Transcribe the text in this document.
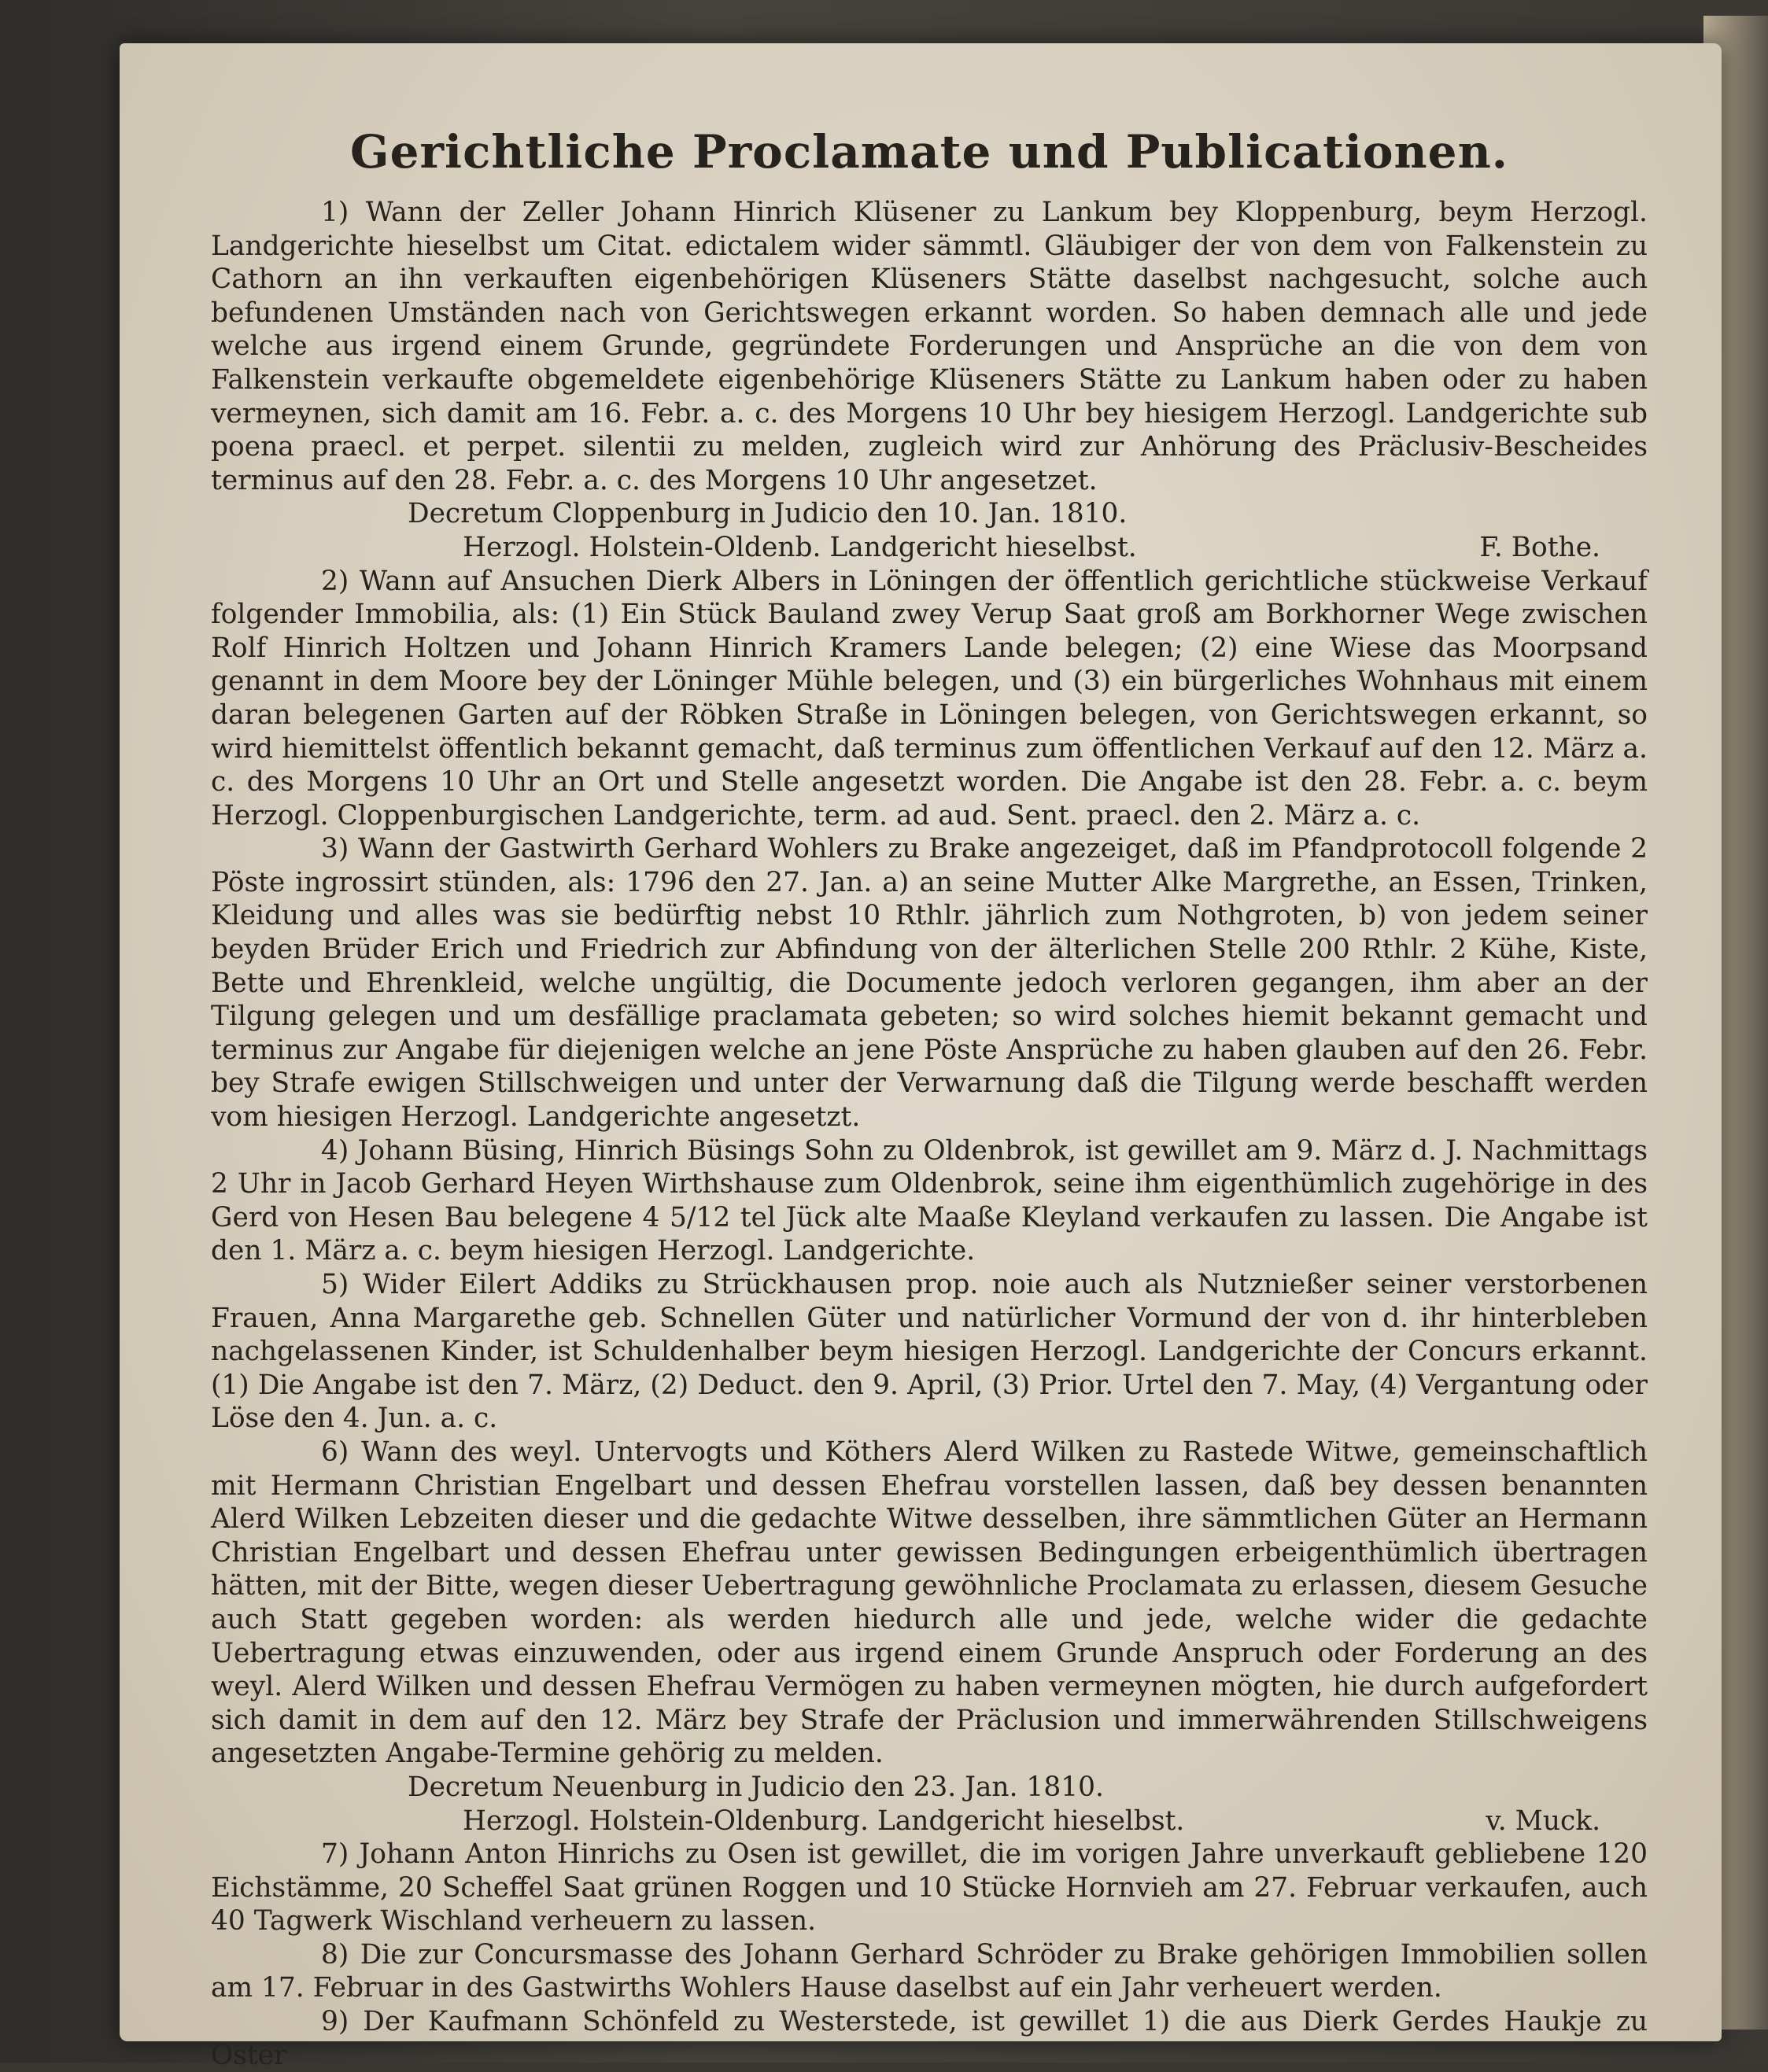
Gerichtliche Proclamate und Publicationen.

1) Wann der Zeller Johann Hinrich Klüsener zu Lankum bey Kloppenburg, beym Herzogl. Landgerichte hieselbst um Citat. edictalem wider sämmtl. Gläubiger der von dem von Falkenstein zu Cathorn an ihn verkauften eigenbehörigen Klüseners Stätte daselbst nachgesucht, solche auch befundenen Umständen nach von Gerichtswegen erkannt worden. So haben demnach alle und jede welche aus irgend einem Grunde, gegründete Forderungen und Ansprüche an die von dem von Falkenstein verkaufte obgemeldete eigenbehörige Klüseners Stätte zu Lankum haben oder zu haben vermeynen, sich damit am 16. Febr. a. c. des Morgens 10 Uhr bey hiesigem Herzogl. Landgerichte sub poena praecl. et perpet. silentii zu melden, zugleich wird zur Anhörung des Präclusiv-Bescheides terminus auf den 28. Febr. a. c. des Morgens 10 Uhr angesetzet.

Decretum Cloppenburg in Judicio den 10. Jan. 1810.

Herzogl. Holstein-Oldenb. Landgericht hieselbst.	F. Bothe.

2) Wann auf Ansuchen Dierk Albers in Löningen der öffentlich gerichtliche stückweise Verkauf folgender Immobilia, als: (1) Ein Stück Bauland zwey Verup Saat groß am Borkhorner Wege zwischen Rolf Hinrich Holtzen und Johann Hinrich Kramers Lande belegen; (2) eine Wiese das Moorpsand genannt in dem Moore bey der Löninger Mühle belegen, und (3) ein bürgerliches Wohnhaus mit einem daran belegenen Garten auf der Röbken Straße in Löningen belegen, von Gerichtswegen erkannt, so wird hiemittelst öffentlich bekannt gemacht, daß terminus zum öffentlichen Verkauf auf den 12. März a. c. des Morgens 10 Uhr an Ort und Stelle angesetzt worden. Die Angabe ist den 28. Febr. a. c. beym Herzogl. Cloppenburgischen Landgerichte, term. ad aud. Sent. praecl. den 2. März a. c.

3) Wann der Gastwirth Gerhard Wohlers zu Brake angezeiget, daß im Pfandprotocoll folgende 2 Pöste ingrossirt stünden, als: 1796 den 27. Jan. a) an seine Mutter Alke Margrethe, an Essen, Trinken, Kleidung und alles was sie bedürftig nebst 10 Rthlr. jährlich zum Nothgroten, b) von jedem seiner beyden Brüder Erich und Friedrich zur Abfindung von der älterlichen Stelle 200 Rthlr. 2 Kühe, Kiste, Bette und Ehrenkleid, welche ungültig, die Documente jedoch verloren gegangen, ihm aber an der Tilgung gelegen und um desfällige praclamata gebeten; so wird solches hiemit bekannt gemacht und terminus zur Angabe für diejenigen welche an jene Pöste Ansprüche zu haben glauben auf den 26. Febr. bey Strafe ewigen Stillschweigen und unter der Verwarnung daß die Tilgung werde beschafft werden vom hiesigen Herzogl. Landgerichte angesetzt.

4) Johann Büsing, Hinrich Büsings Sohn zu Oldenbrok, ist gewillet am 9. März d. J. Nachmittags 2 Uhr in Jacob Gerhard Heyen Wirthshause zum Oldenbrok, seine ihm eigenthümlich zugehörige in des Gerd von Hesen Bau belegene 4 5/12 tel Jück alte Maaße Kleyland verkaufen zu lassen. Die Angabe ist den 1. März a. c. beym hiesigen Herzogl. Landgerichte.

5) Wider Eilert Addiks zu Strückhausen prop. noie auch als Nutznießer seiner verstorbenen Frauen, Anna Margarethe geb. Schnellen Güter und natürlicher Vormund der von d. ihr hinterbleben nachgelassenen Kinder, ist Schuldenhalber beym hiesigen Herzogl. Landgerichte der Concurs erkannt. (1) Die Angabe ist den 7. März, (2) Deduct. den 9. April, (3) Prior. Urtel den 7. May, (4) Vergantung oder Löse den 4. Jun. a. c.

6) Wann des weyl. Untervogts und Köthers Alerd Wilken zu Rastede Witwe, gemeinschaftlich mit Hermann Christian Engelbart und dessen Ehefrau vorstellen lassen, daß bey dessen benannten Alerd Wilken Lebzeiten dieser und die gedachte Witwe desselben, ihre sämmtlichen Güter an Hermann Christian Engelbart und dessen Ehefrau unter gewissen Bedingungen erbeigenthümlich übertragen hätten, mit der Bitte, wegen dieser Uebertragung gewöhnliche Proclamata zu erlassen, diesem Gesuche auch Statt gegeben worden: als werden hiedurch alle und jede, welche wider die gedachte Uebertragung etwas einzuwenden, oder aus irgend einem Grunde Anspruch oder Forderung an des weyl. Alerd Wilken und dessen Ehefrau Vermögen zu haben vermeynen mögten, hie durch aufgefordert sich damit in dem auf den 12. März bey Strafe der Präclusion und immerwährenden Stillschweigens angesetzten Angabe-Termine gehörig zu melden.

Decretum Neuenburg in Judicio den 23. Jan. 1810.

Herzogl. Holstein-Oldenburg. Landgericht hieselbst.	v. Muck.

7) Johann Anton Hinrichs zu Osen ist gewillet, die im vorigen Jahre unverkauft gebliebene 120 Eichstämme, 20 Scheffel Saat grünen Roggen und 10 Stücke Hornvieh am 27. Februar verkaufen, auch 40 Tagwerk Wischland verheuern zu lassen.

8) Die zur Concursmasse des Johann Gerhard Schröder zu Brake gehörigen Immobilien sollen am 17. Februar in des Gastwirths Wohlers Hause daselbst auf ein Jahr verheuert werden.

9) Der Kaufmann Schönfeld zu Westerstede, ist gewillet 1) die aus Dierk Gerdes Haukje zu Oster
